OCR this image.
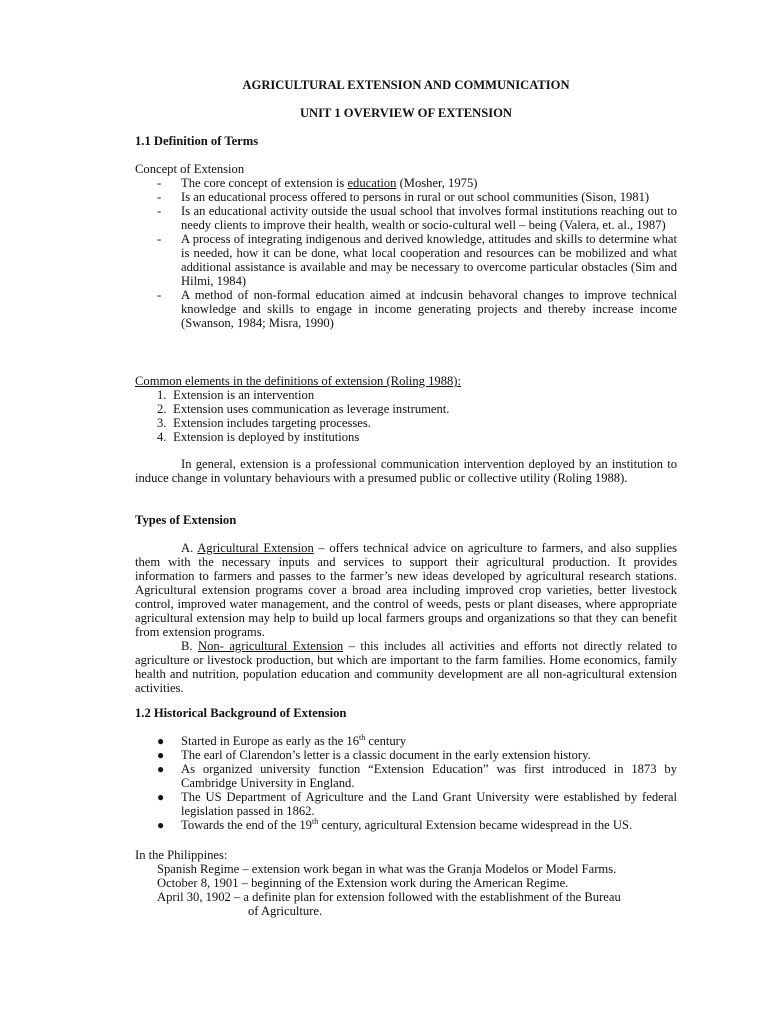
AGRICULTURAL EXTENSION AND COMMUNICATION
UNIT 1 OVERVIEW OF EXTENSION
1.1 Definition of Terms
Concept of Extension
- The core concept of extension is education (Mosher, 1975)
- Is an educational process offered to persons in rural or out school communities (Sison, 1981)
- Is an educational activity outside the usual school that involves formal institutions reaching out to needy clients to improve their health, wealth or socio-cultural well – being (Valera, et. al., 1987)
- A process of integrating indigenous and derived knowledge, attitudes and skills to determine what is needed, how it can be done, what local cooperation and resources can be mobilized and what additional assistance is available and may be necessary to overcome particular obstacles (Sim and Hilmi, 1984)
- A method of non-formal education aimed at indcusin behavoral changes to improve technical knowledge and skills to engage in income generating projects and thereby increase income (Swanson, 1984; Misra, 1990)
Common elements in the definitions of extension (Roling 1988):
1. Extension is an intervention
2. Extension uses communication as leverage instrument.
3. Extension includes targeting processes.
4. Extension is deployed by institutions
In general, extension is a professional communication intervention deployed by an institution to induce change in voluntary behaviours with a presumed public or collective utility (Roling 1988).
Types of Extension
A. Agricultural Extension – offers technical advice on agriculture to farmers, and also supplies them with the necessary inputs and services to support their agricultural production. It provides information to farmers and passes to the farmer’s new ideas developed by agricultural research stations. Agricultural extension programs cover a broad area including improved crop varieties, better livestock control, improved water management, and the control of weeds, pests or plant diseases, where appropriate agricultural extension may help to build up local farmers groups and organizations so that they can benefit from extension programs.
B. Non- agricultural Extension – this includes all activities and efforts not directly related to agriculture or livestock production, but which are important to the farm families. Home economics, family health and nutrition, population education and community development are all non-agricultural extension activities.
1.2 Historical Background of Extension
● Started in Europe as early as the 16th century
● The earl of Clarendon’s letter is a classic document in the early extension history.
● As organized university function “Extension Education” was first introduced in 1873 by Cambridge University in England.
● The US Department of Agriculture and the Land Grant University were established by federal legislation passed in 1862.
● Towards the end of the 19th century, agricultural Extension became widespread in the US.
In the Philippines:
Spanish Regime – extension work began in what was the Granja Modelos or Model Farms.
October 8, 1901 – beginning of the Extension work during the American Regime.
April 30, 1902 – a definite plan for extension followed with the establishment of the Bureau
of Agriculture.
